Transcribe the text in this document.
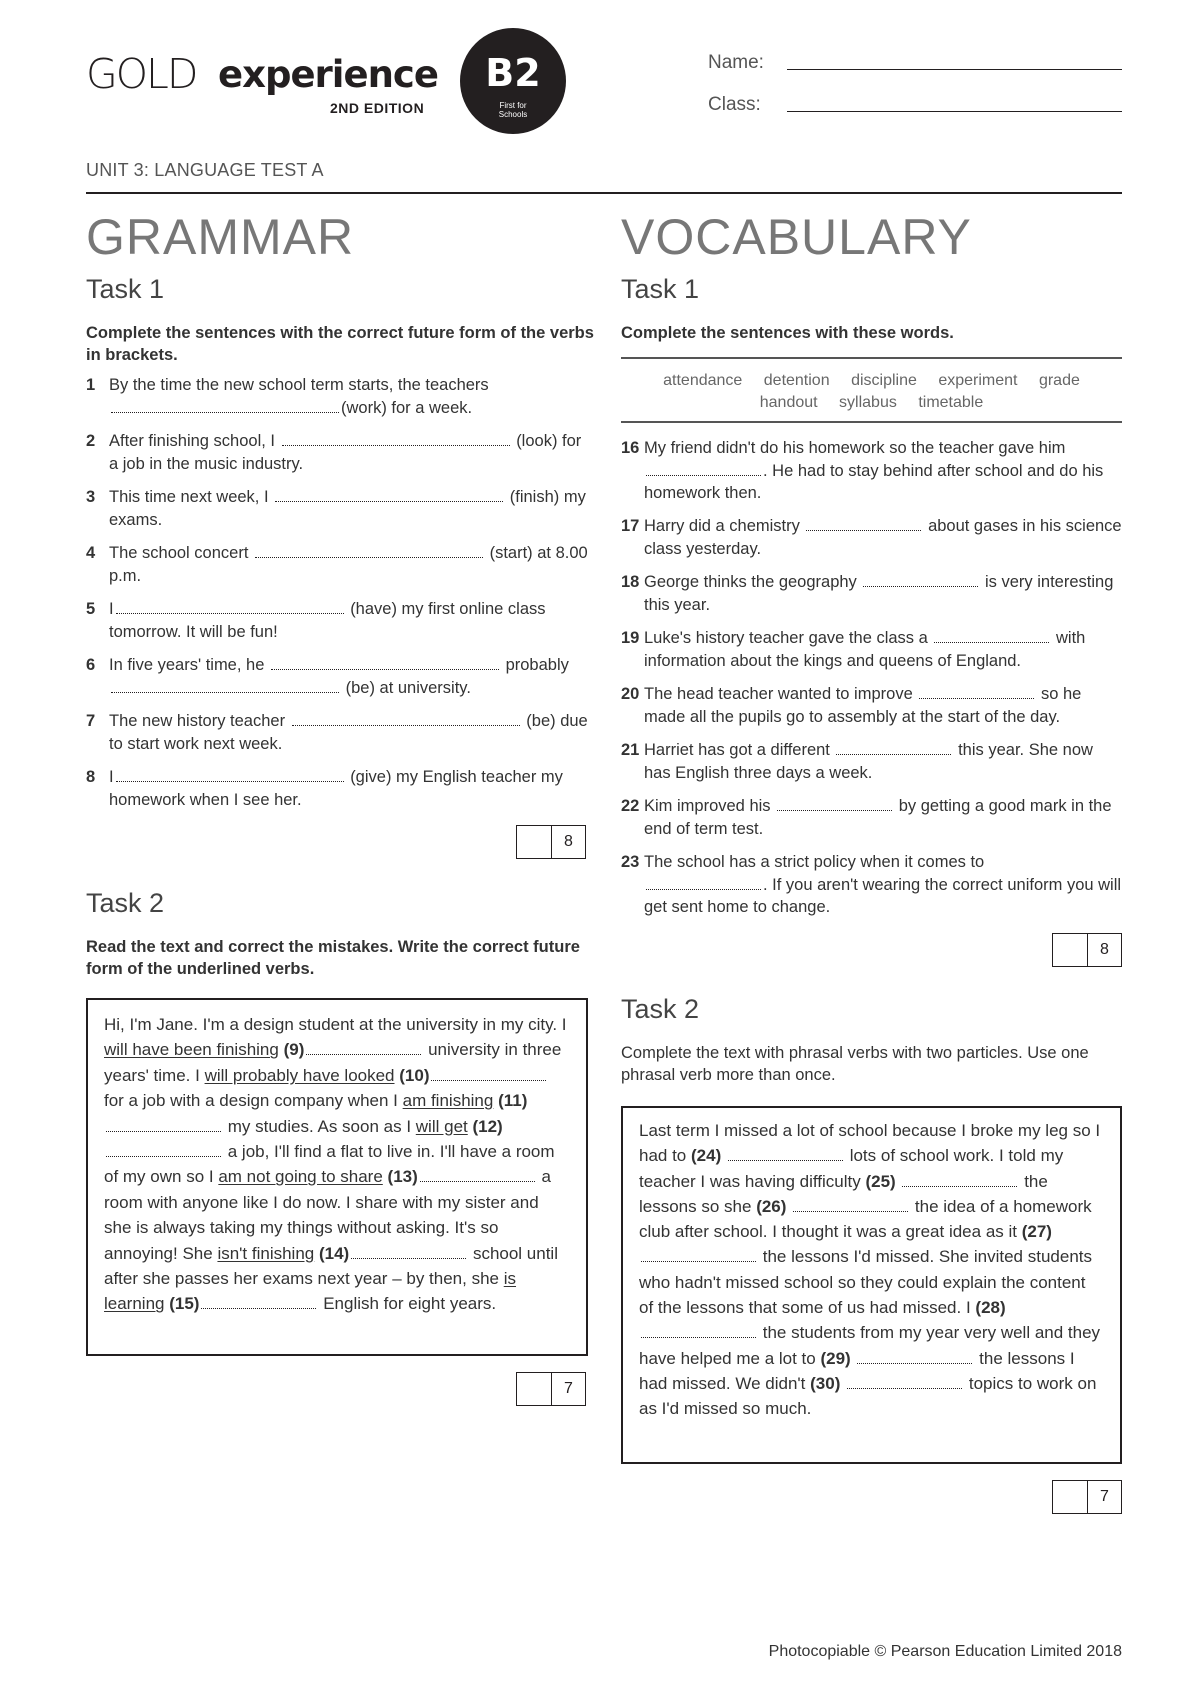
GOLD experience
2ND EDITION
B2
First for
Schools
Name:
Class:
UNIT 3: LANGUAGE TEST A
GRAMMAR
Task 1
Complete the sentences with the correct future form of the verbs in brackets.
1 By the time the new school term starts, the teachers
(work) for a week.
2 After finishing school, I	(look) for a job in the music industry.
3 This time next week, I	(finish) my exams.
4 The school concert	(start) at 8.00 p.m.
5 I	(have) my first online class tomorrow. It will be fun!
6 In five years' time, he	probably
(be) at university.
7 The new history teacher	(be) due to start work next week.
8 I	(give) my English teacher my homework when I see her.
8
Task 2
Read the text and correct the mistakes. Write the correct future form of the underlined verbs.
Hi, I'm Jane. I'm a design student at the university in my city. I will have been finishing (9)	university in three years' time. I will probably have looked (10) for a job with a design company when I am finishing (11) my studies. As soon as I will get (12) a job, I'll find a flat to live in. I'll have a room of my own so I am not going to share (13)	a room with anyone like I do now. I share with my sister and she is always taking my things without asking. It's so annoying! She isn't finishing (14)	school until after she passes her exams next year – by then, she is learning (15)	English for eight years.
7
VOCABULARY
Task 1
Complete the sentences with these words.
attendance detention discipline experiment grade
handout syllabus timetable
16 My friend didn't do his homework so the teacher gave him
. He had to stay behind after school and do his homework then.
17 Harry did a chemistry	about gases in his science class yesterday.
18 George thinks the geography	is very interesting this year.
19 Luke's history teacher gave the class a	with information about the kings and queens of England.
20 The head teacher wanted to improve	so he made all the pupils go to assembly at the start of the day.
21 Harriet has got a different	this year. She now has English three days a week.
22 Kim improved his	by getting a good mark in the end of term test.
23 The school has a strict policy when it comes to
. If you aren't wearing the correct uniform you will get sent home to change.
8
Task 2
Complete the text with phrasal verbs with two particles. Use one phrasal verb more than once.
Last term I missed a lot of school because I broke my leg so I had to (24)	lots of school work. I told my teacher I was having difficulty (25)	the lessons so she (26)	the idea of a homework club after school. I thought it was a great idea as it (27)  the lessons I'd missed. She invited students who hadn't missed school so they could explain the content of the lessons that some of us had missed. I (28)  the students from my year very well and they have helped me a lot to (29)	the lessons I had missed. We didn't (30)	topics to work on as I'd missed so much.
7
Photocopiable © Pearson Education Limited 2018
